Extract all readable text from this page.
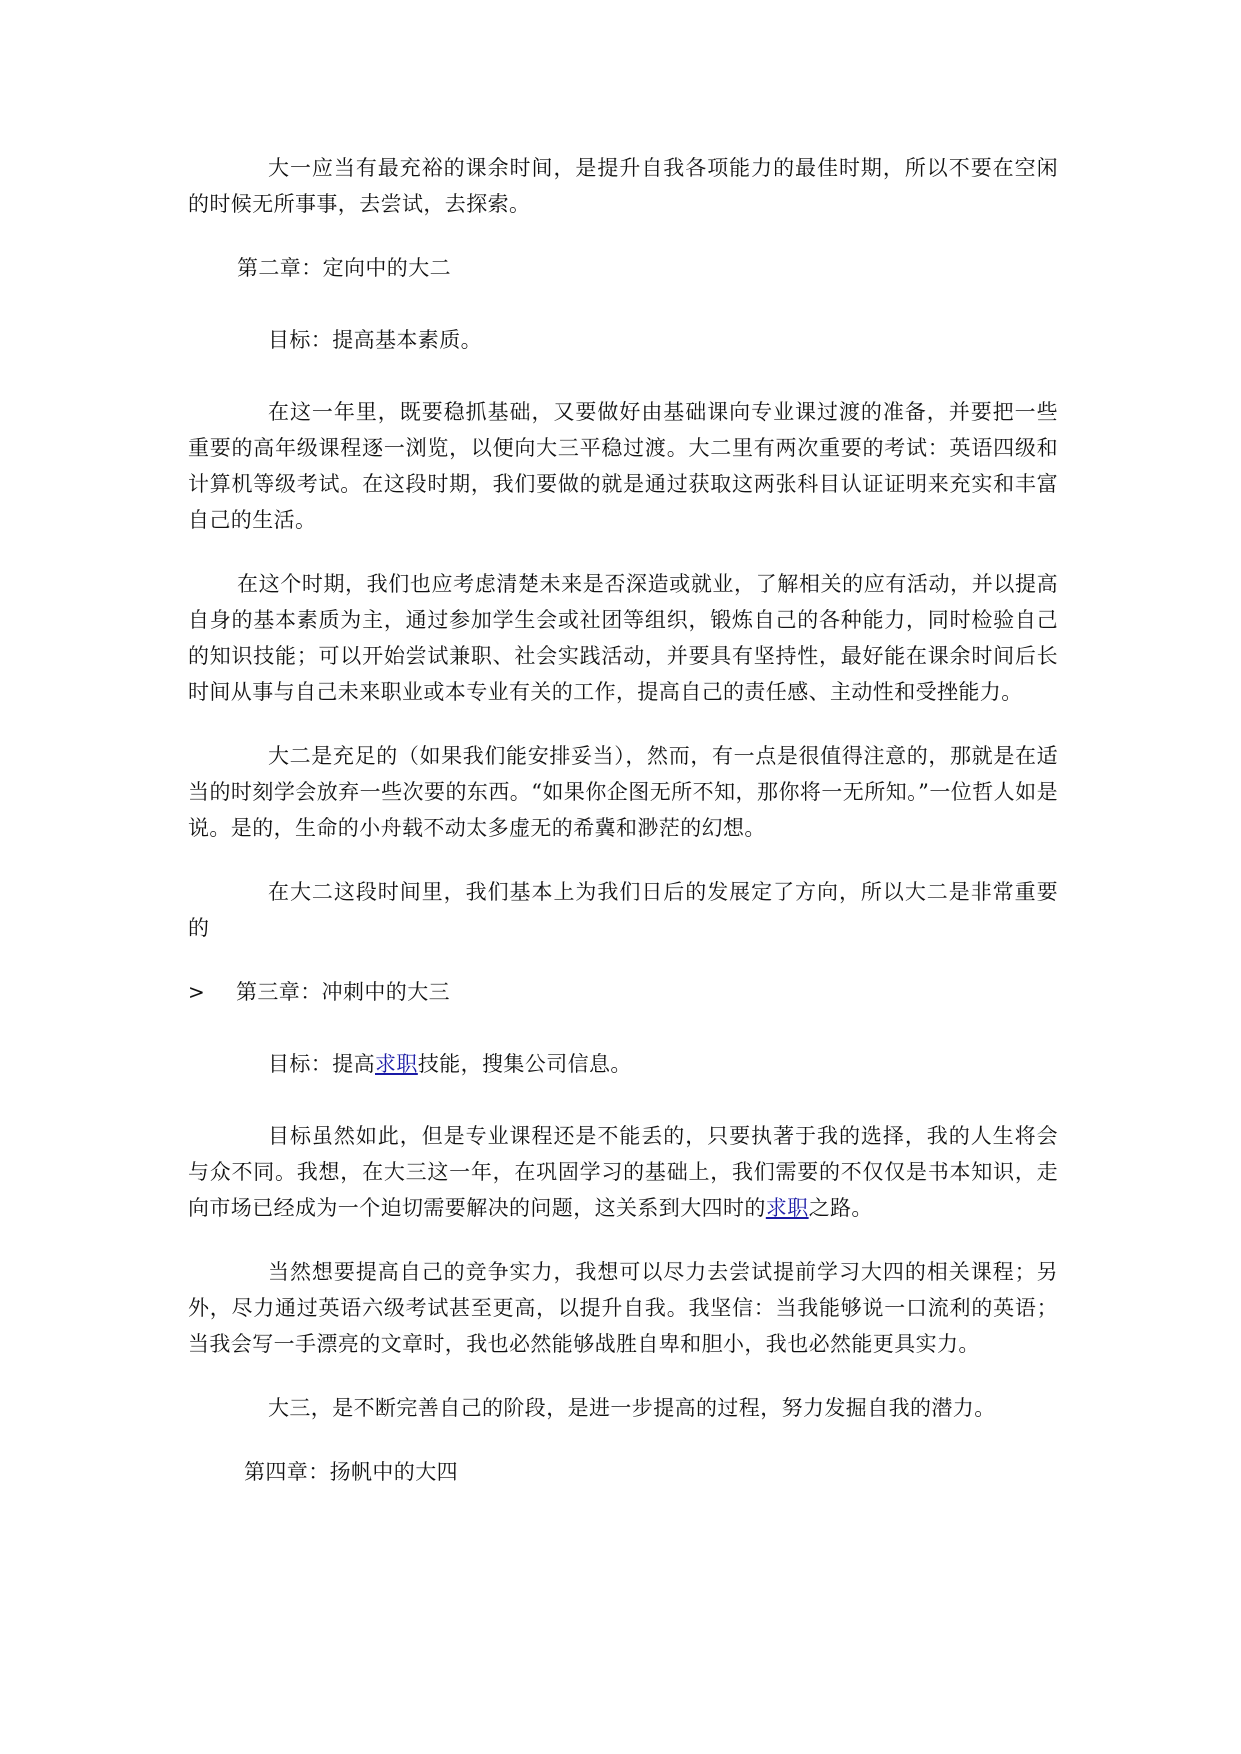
大一应当有最充裕的课余时间，是提升自我各项能力的最佳时期，所以不要在空闲的时候无所事事，去尝试，去探索。

第二章：定向中的大二
目标：提高基本素质。

在这一年里，既要稳抓基础，又要做好由基础课向专业课过渡的准备，并要把一些重要的高年级课程逐一浏览，以便向大三平稳过渡。大二里有两次重要的考试：英语四级和计算机等级考试。在这段时期，我们要做的就是通过获取这两张科目认证证明来充实和丰富自己的生活。

在这个时期，我们也应考虑清楚未来是否深造或就业，了解相关的应有活动，并以提高自身的基本素质为主，通过参加学生会或社团等组织，锻炼自己的各种能力，同时检验自己的知识技能；可以开始尝试兼职、社会实践活动，并要具有坚持性，最好能在课余时间后长时间从事与自己未来职业或本专业有关的工作，提高自己的责任感、主动性和受挫能力。

大二是充足的（如果我们能安排妥当），然而，有一点是很值得注意的，那就是在适当的时刻学会放弃一些次要的东西。“如果你企图无所不知，那你将一无所知。”一位哲人如是说。是的，生命的小舟载不动太多虚无的希冀和渺茫的幻想。

在大二这段时间里，我们基本上为我们日后的发展定了方向，所以大二是非常重要的

>	第三章：冲刺中的大三
目标：提高求职技能，搜集公司信息。

目标虽然如此，但是专业课程还是不能丢的，只要执著于我的选择，我的人生将会与众不同。我想，在大三这一年，在巩固学习的基础上，我们需要的不仅仅是书本知识，走向市场已经成为一个迫切需要解决的问题，这关系到大四时的求职之路。

当然想要提高自己的竞争实力，我想可以尽力去尝试提前学习大四的相关课程；另外，尽力通过英语六级考试甚至更高，以提升自我。我坚信：当我能够说一口流利的英语；当我会写一手漂亮的文章时，我也必然能够战胜自卑和胆小，我也必然能更具实力。

大三，是不断完善自己的阶段，是进一步提高的过程，努力发掘自我的潜力。

第四章：扬帆中的大四
